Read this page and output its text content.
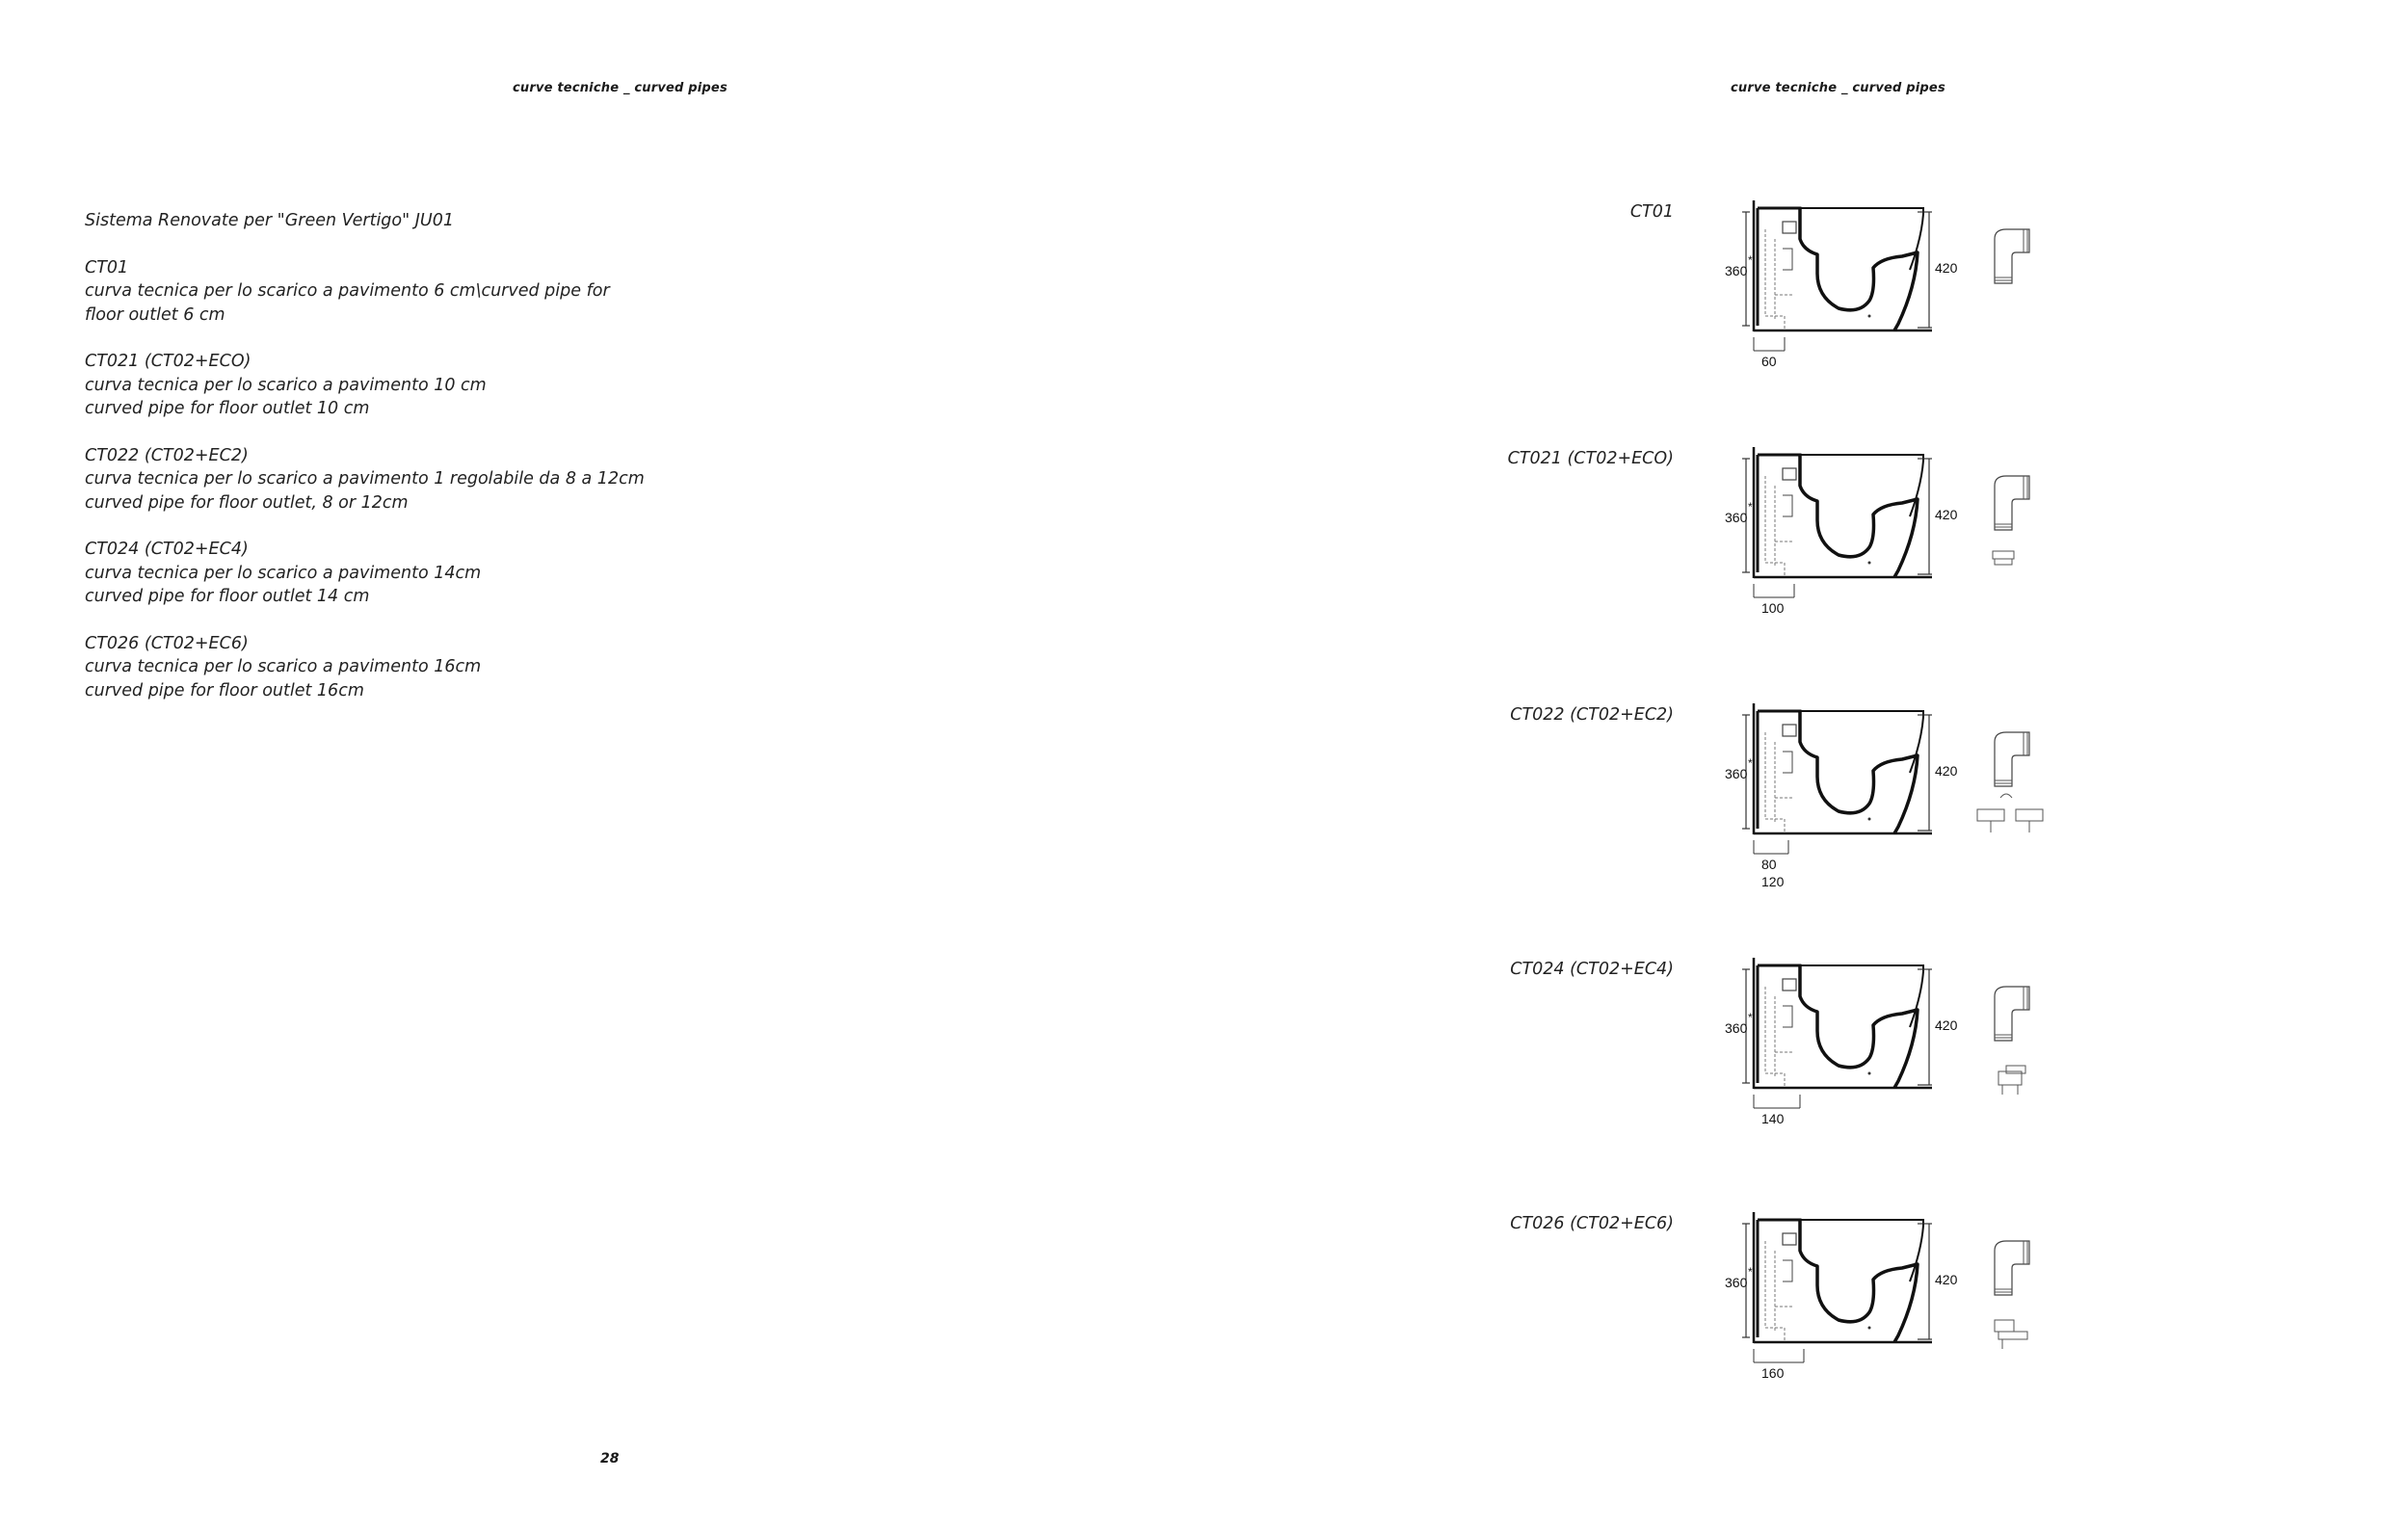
curve tecniche _ curved pipes	curve tecniche _ curved pipes
Sistema Renovate per "Green Vertigo" JU01
CT01
curva tecnica per lo scarico a pavimento 6 cm\curved pipe for
floor outlet 6 cm
CT021 (CT02+ECO)
curva tecnica per lo scarico a pavimento 10 cm
curved pipe for floor outlet 10 cm
CT022 (CT02+EC2)
curva tecnica per lo scarico a pavimento 1 regolabile da 8 a 12cm
curved pipe for floor outlet, 8 or 12cm
CT024 (CT02+EC4)
curva tecnica per lo scarico a pavimento 14cm
curved pipe for floor outlet 14 cm
CT026 (CT02+EC6)
curva tecnica per lo scarico a pavimento 16cm
curved pipe for floor outlet 16cm
CT01
360
*	420
60
CT021 (CT02+ECO)
360
*	420
100
CT022 (CT02+EC2)
360
*	420
80
120
CT024 (CT02+EC4)
360
*	420
140
CT026 (CT02+EC6)
360
*	420
160
28
